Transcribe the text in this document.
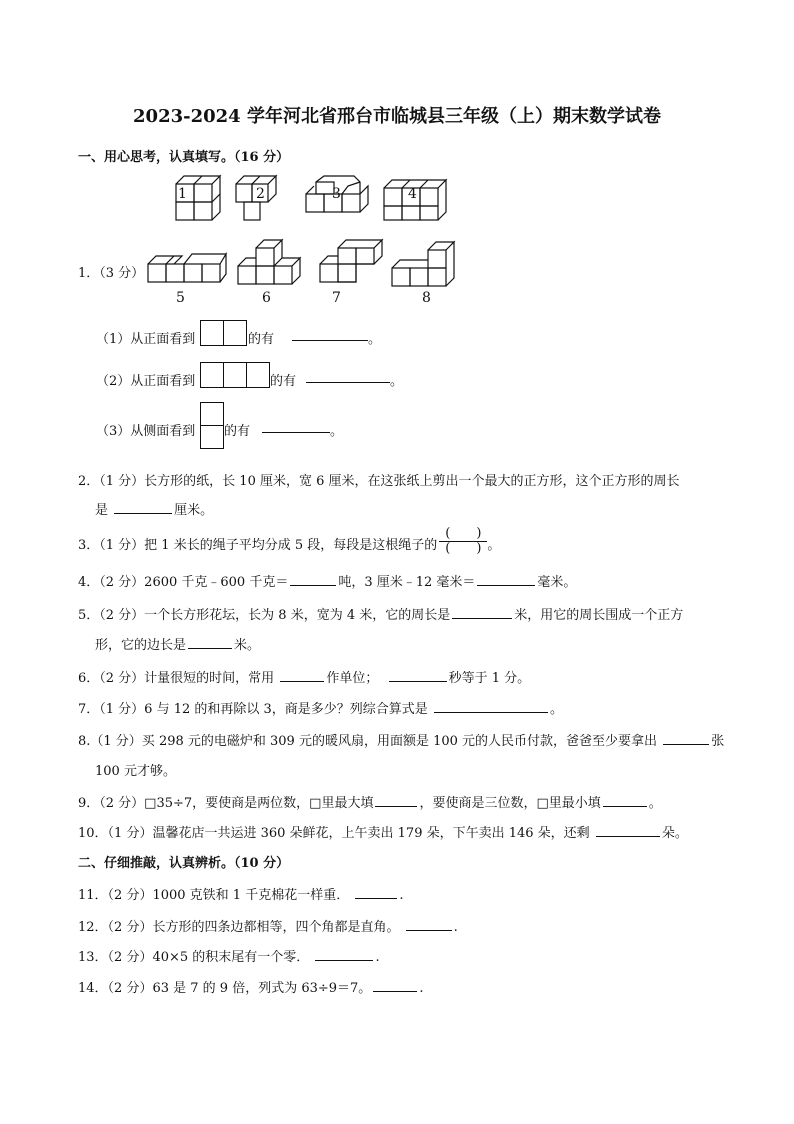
2023-2024 学年河北省邢台市临城县三年级（上）期末数学试卷
一、用心思考，认真填写。（16 分）
1	2	3	4
5	6	7	8
1．（3 分）
（1）从正面看到	的有	。
（2）从正面看到	的有	。
（3）从侧面看到 的有	。
2．（1 分）长方形的纸，长 10 厘米，宽 6 厘米，在这张纸上剪出一个最大的正方形，这个正方形的周长
是	厘米。
3．（1 分）把 1 米长的绳子平均分成 5 段，每段是这根绳子的 $\frac{( )}{( )}$ 。
4．（2 分）2600 千克﹣600 千克＝	吨，3 厘米﹣12 毫米＝	毫米。
5．（2 分）一个长方形花坛，长为 8 米，宽为 4 米，它的周长是	米，用它的周长围成一个正方
形，它的边长是	米。
6．（2 分）计量很短的时间，常用	作单位；	秒等于 1 分。
7．（1 分）6 与 12 的和再除以 3，商是多少？列综合算式是	。
8.（1 分）买 298 元的电磁炉和 309 元的暖风扇，用面额是 100 元的人民币付款，爸爸至少要拿出	张
100 元才够。
9．（2 分）□35÷7，要使商是两位数，□里最大填	，要使商是三位数，□里最小填	。
10．（1 分）温馨花店一共运进 360 朵鲜花，上午卖出 179 朵，下午卖出 146 朵，还剩	朵。
二、仔细推敲，认真辨析。（10 分）
11．（2 分）1000 克铁和 1 千克棉花一样重．	.
12．（2 分）长方形的四条边都相等，四个角都是直角。	.
13．（2 分）40×5 的积末尾有一个零．	.
14．（2 分）63 是 7 的 9 倍，列式为 63÷9＝7。	.
